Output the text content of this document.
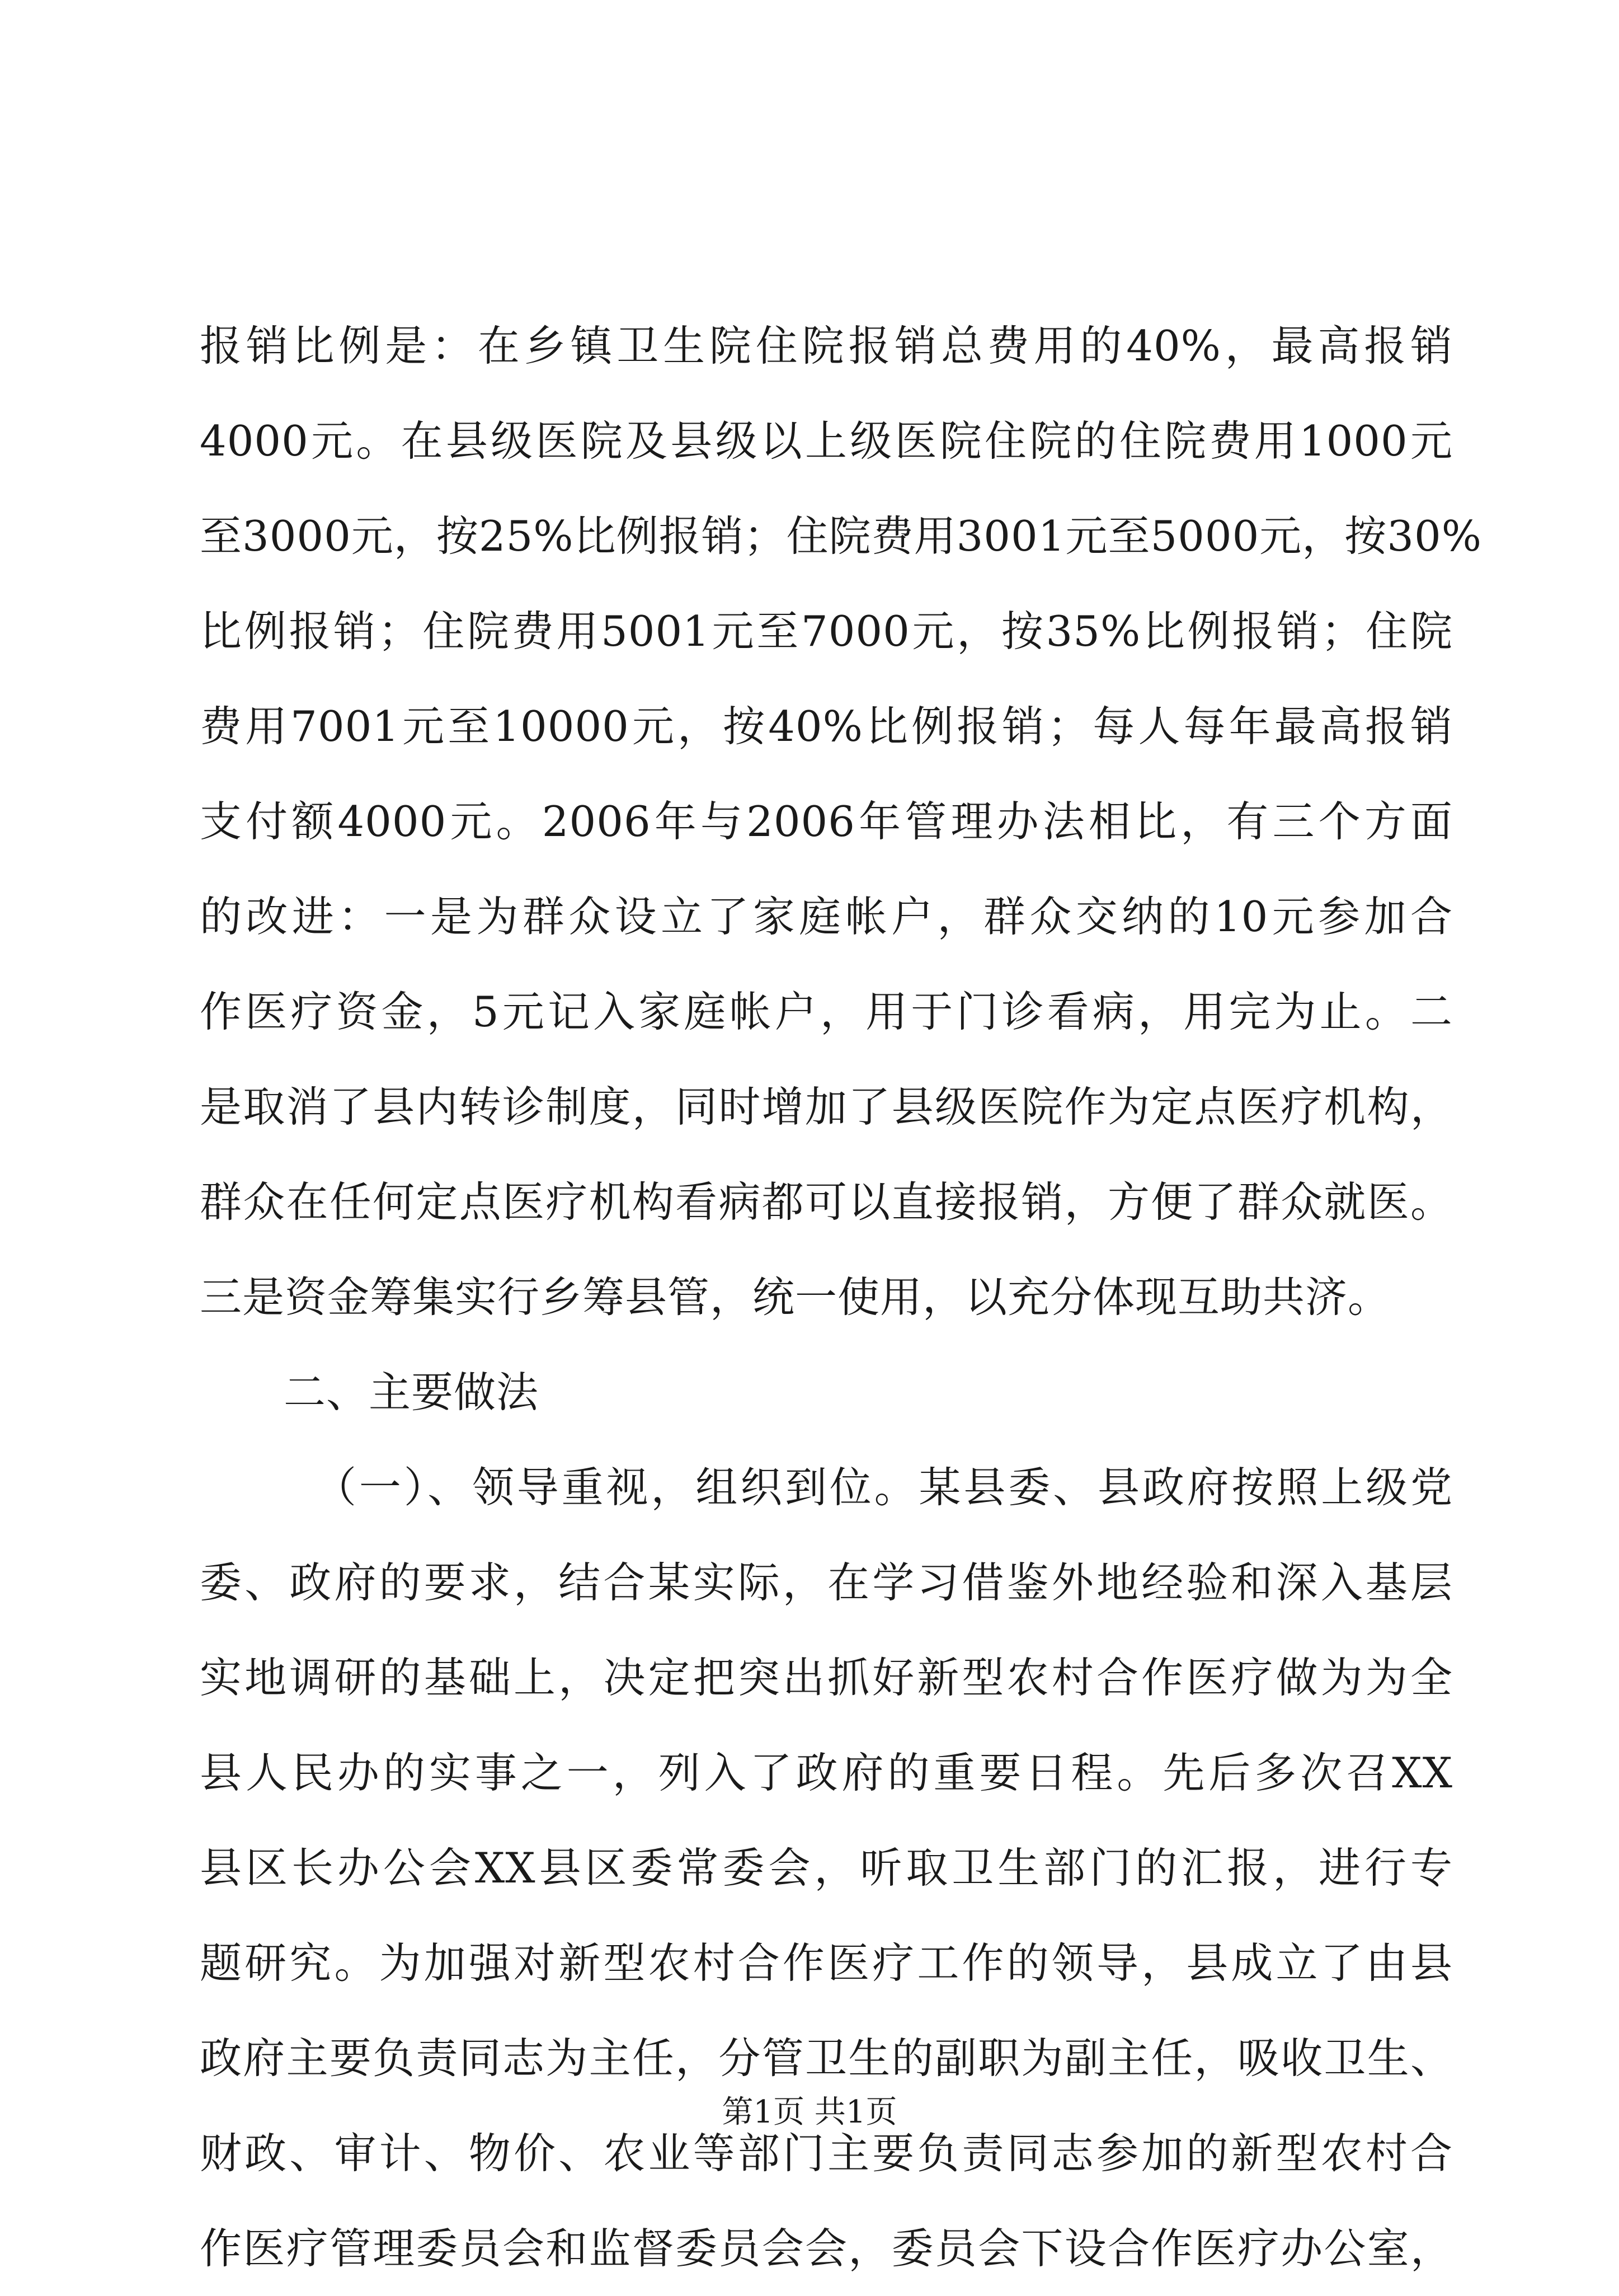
报销比例是：在乡镇卫生院住院报销总费用的40%，最高报销
4000元。在县级医院及县级以上级医院住院的住院费用1000元
至3000元，按25%比例报销；住院费用3001元至5000元，按30%
比例报销；住院费用5001元至7000元，按35%比例报销；住院
费用7001元至10000元，按40%比例报销；每人每年最高报销
支付额4000元。2006年与2006年管理办法相比，有三个方面
的改进：一是为群众设立了家庭帐户，群众交纳的10元参加合
作医疗资金，5元记入家庭帐户，用于门诊看病，用完为止。二
是取消了县内转诊制度，同时增加了县级医院作为定点医疗机构，
群众在任何定点医疗机构看病都可以直接报销，方便了群众就医。
三是资金筹集实行乡筹县管，统一使用，以充分体现互助共济。
二、主要做法
（一）、领导重视，组织到位。某县委、县政府按照上级党
委、政府的要求，结合某实际，在学习借鉴外地经验和深入基层
实地调研的基础上，决定把突出抓好新型农村合作医疗做为为全
县人民办的实事之一，列入了政府的重要日程。先后多次召XX
县区长办公会XX县区委常委会，听取卫生部门的汇报，进行专
题研究。为加强对新型农村合作医疗工作的领导，县成立了由县
政府主要负责同志为主任，分管卫生的副职为副主任，吸收卫生、
财政、审计、物价、农业等部门主要负责同志参加的新型农村合
作医疗管理委员会和监督委员会会，委员会下设合作医疗办公室，
第1页 共1页
